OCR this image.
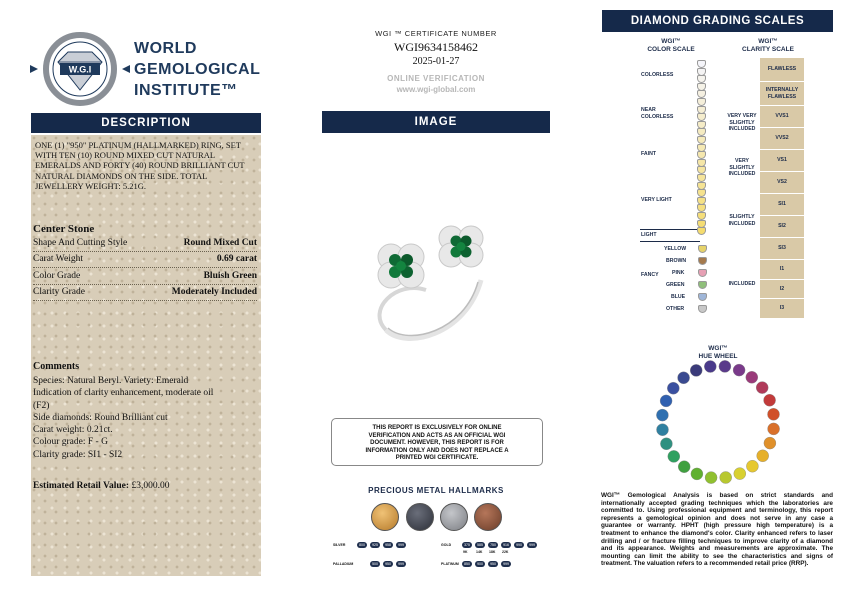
W.G.I
WORLD
GEMOLOGICAL
INSTITUTE™
DESCRIPTION
ONE (1) "950" PLATINUM (HALLMARKED) RING, SET WITH TEN (10) ROUND MIXED CUT NATURAL EMERALDS AND FORTY (40) ROUND BRILLIANT CUT NATURAL DIAMONDS ON THE SIDE. TOTAL JEWELLERY WEIGHT: 5.21G.
Center Stone
Shape And Cutting Style	Round Mixed Cut
Carat Weight	0.69 carat
Color Grade	Bluish Green
Clarity Grade	Moderately Included
Comments
Species: Natural Beryl. Variety: Emerald
Indication of clarity enhancement, moderate oil
(F2)
Side diamonds: Round Brilliant cut
Carat weight: 0.21ct.
Colour grade: F - G
Clarity grade: SI1 - SI2
Estimated Retail Value: £3,000.00
WGI ™ CERTIFICATE NUMBER
WGI9634158462
2025-01-27
ONLINE VERIFICATION
www.wgi-global.com
IMAGE
THIS REPORT IS EXCLUSIVELY FOR ONLINE VERIFICATION AND ACTS AS AN OFFICIAL WGI DOCUMENT. HOWEVER, THIS REPORT IS FOR INFORMATION ONLY AND DOES NOT REPLACE A PRINTED WGI CERTIFICATE.
PRECIOUS METAL HALLMARKS
SILVER	800	925	958	999	GOLD	375	585	750	916	990	999
9K 14K 18K 22K
PALLADIUM	500	950	999	PLATINUM	850	900	950	999
DIAMOND GRADING SCALES
WGI™
COLOR SCALE
WGI™
CLARITY SCALE
COLORLESS
NEAR COLORLESS
FAINT
VERY LIGHT
LIGHT
FANCY
YELLOW
BROWN
PINK
GREEN
BLUE
OTHER
VERY VERY SLIGHTLY INCLUDED
VERY SLIGHTLY INCLUDED
SLIGHTLY INCLUDED
INCLUDED
FLAWLESS
INTERNALLY FLAWLESS
VVS1
VVS2
VS1
VS2
SI1
SI2
SI3
I1
I2
I3
WGI™
HUE WHEEL
WGI™ Gemological Analysis is based on strict standards and internationally accepted grading techniques which the laboratories are committed to. Using professional equipment and terminology, this report represents a gemological opinion and does not serve in any case a guarantee or warranty. HPHT (high pressure high temperature) is a treatment to enhance the diamond's color. Clarity enhanced refers to laser drilling and / or fracture filling techniques to improve clarity of a diamond and its appearance. Weights and measurements are approximate. The mounting can limit the ability to see the characteristics and signs of treatment. The valuation refers to a recommended retail price (RRP).
